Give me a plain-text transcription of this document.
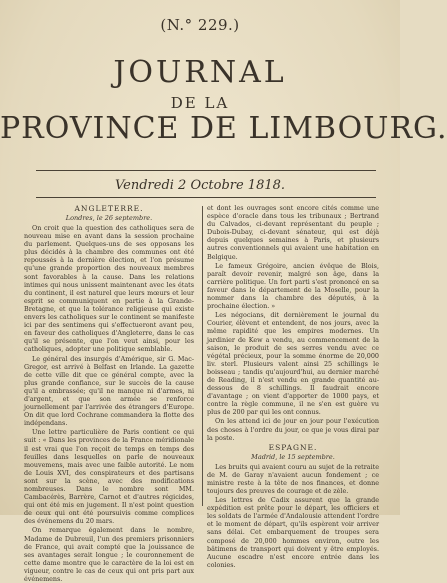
(N.° 229.)
JOURNAL
DE LA
PROVINCE DE LIMBOURG.
Vendredi 2 Octobre 1818.
ANGLETERRE.
Londres, le 26 septembre.

On croit que la question des catholiques sera de nouveau mise en avant dans la session prochaine du parlement. Quelques-uns de ses opposans les plus décidés à la chambre des communes ont été repoussés à la dernière élection, et l'on présume qu'une grande proportion des nouveaux membres sont favorables à la cause. Dans les relations intimes qui nous unissent maintenant avec les états du continent, il est naturel que leurs mœurs et leur esprit se communiquent en partie à la Grande-Bretagne, et que la tolérance religieuse qui existe envers les catholiques sur le continent se manifeste ici par des sentimens qui s'effectueront avant peu, en faveur des catholiques d'Angleterre, dans le cas qu'il se présente, que l'on veut ainsi, pour les catholiques, adopter une politique semblable.

Le général des insurgés d'Amérique, sir G. Mac-Gregor, est arrivé à Belfast en Irlande. La gazette de cette ville dit que ce général compte, avec la plus grande confiance, sur le succès de la cause qu'il a embrassée; qu'il ne manque ni d'armes, ni d'argent, et que son armée se renforce journellement par l'arrivée des étrangers d'Europe. On dit que lord Cochrane commandera la flotte des indépendans.

Une lettre particulière de Paris contient ce qui suit : « Dans les provinces de la France méridionale il est vrai que l'on reçoit de temps en temps des feuilles dans lesquelles on parle de nouveaux mouvemens, mais avec une faible autorité. Le nom de Louis XVI, des conspirateurs et des partisans sont sur la scène, avec des modifications nombreuses. Dans le nombre sont MM. Cambacérès, Barrère, Carnot et d'autres régicides, qui ont été mis en jugement. Il n'est point question de ceux qui ont été poursuivis comme complices des événemens du 20 mars.

On remarque également dans le nombre, Madame de Dubreuil, l'un des premiers prisonniers de France, qui avait compté que la jouissance de ses avantages serait longue ; le couronnement de cette dame montre que le caractère de la loi est en vigueur, contre le cas de ceux qui ont pris part aux événemens.

et dont les ouvrages sont encore cités comme une espèce d'oracle dans tous les tribunaux ; Bertrand du Calvados, ci-devant représentant du peuple ; Dubois-Dubay, ci-devant sénateur, qui est déjà depuis quelques semaines à Paris, et plusieurs autres conventionnels qui avaient une habitation en Belgique.

Le fameux Grégoire, ancien évêque de Blois, paraît devoir revenir, malgré son âge, dans la carrière politique. Un fort parti s'est prononcé en sa faveur dans le département de la Moselle, pour la nommer dans la chambre des députés, à la prochaine élection. »

Les négocians, dit dernièrement le journal du Courier, élèvent et entendent, de nos jours, avec la même rapidité que les empires modernes. Un jardinier de Kew a vendu, au commencement de la saison, le produit de ses serres vendu avec ce végétal précieux, pour la somme énorme de 20,000 liv. sterl. Plusieurs valent ainsi 25 schillings le boisseau ; tandis qu'aujourd'hui, au dernier marché de Reading, il n'est vendu en grande quantité au-dessous de 8 schillings. Il faudrait encore d'avantage ; on vient d'apporter de 1000 pays, et contre la règle commune, il ne s'en est guère vu plus de 200 par qui les ont connus.

On les attend ici de jour en jour pour l'exécution des choses à l'ordre du jour, ce que je vous dirai par la poste.

ESPAGNE.
Madrid, le 15 septembre.

Les bruits qui avaient couru au sujet de la retraite de M. de Garay n'avaient aucun fondement ; ce ministre reste à la tête de nos finances, et donne toujours des preuves de courage et de zèle.

Les lettres de Cadix assurent que la grande expédition est prête pour le départ, les officiers et les soldats de l'armée d'Andalousie attendent l'ordre et le moment de départ, qu'ils espèrent voir arriver sans délai. Cet embarquement de troupes sera composé de 20,000 hommes environ, outre les bâtimens de transport qui doivent y être employés. Aucune escadre n'est encore entrée dans les colonies.
